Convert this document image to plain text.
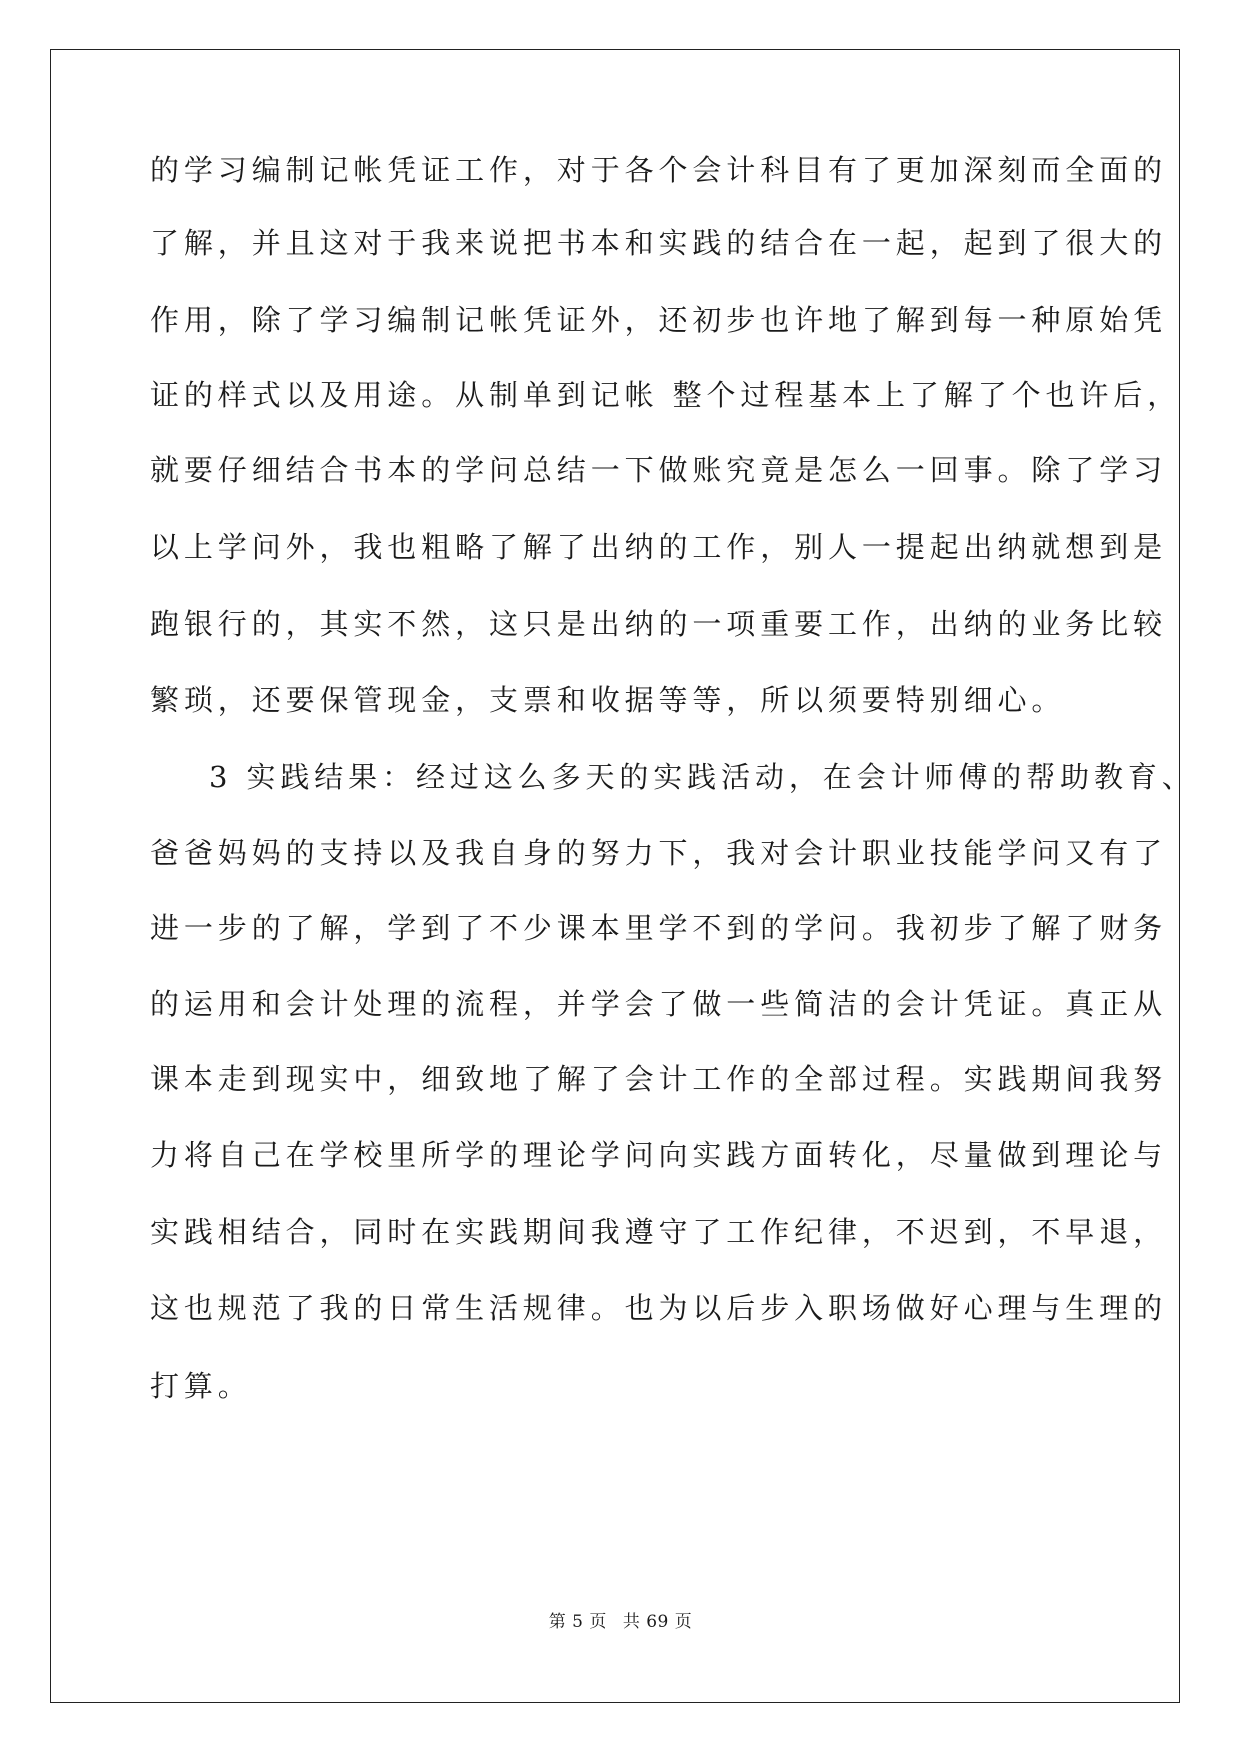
的学习编制记帐凭证工作，对于各个会计科目有了更加深刻而全面的
了解，并且这对于我来说把书本和实践的结合在一起，起到了很大的
作用，除了学习编制记帐凭证外，还初步也许地了解到每一种原始凭
证的样式以及用途。从制单到记帐 整个过程基本上了解了个也许后，
就要仔细结合书本的学问总结一下做账究竟是怎么一回事。除了学习
以上学问外，我也粗略了解了出纳的工作，别人一提起出纳就想到是
跑银行的，其实不然，这只是出纳的一项重要工作，出纳的业务比较
繁琐，还要保管现金，支票和收据等等，所以须要特别细心。
3 实践结果：经过这么多天的实践活动，在会计师傅的帮助教育、
爸爸妈妈的支持以及我自身的努力下，我对会计职业技能学问又有了
进一步的了解，学到了不少课本里学不到的学问。我初步了解了财务
的运用和会计处理的流程，并学会了做一些简洁的会计凭证。真正从
课本走到现实中，细致地了解了会计工作的全部过程。实践期间我努
力将自己在学校里所学的理论学问向实践方面转化，尽量做到理论与
实践相结合，同时在实践期间我遵守了工作纪律，不迟到，不早退，
这也规范了我的日常生活规律。也为以后步入职场做好心理与生理的
打算。
第 5 页 共 69 页
